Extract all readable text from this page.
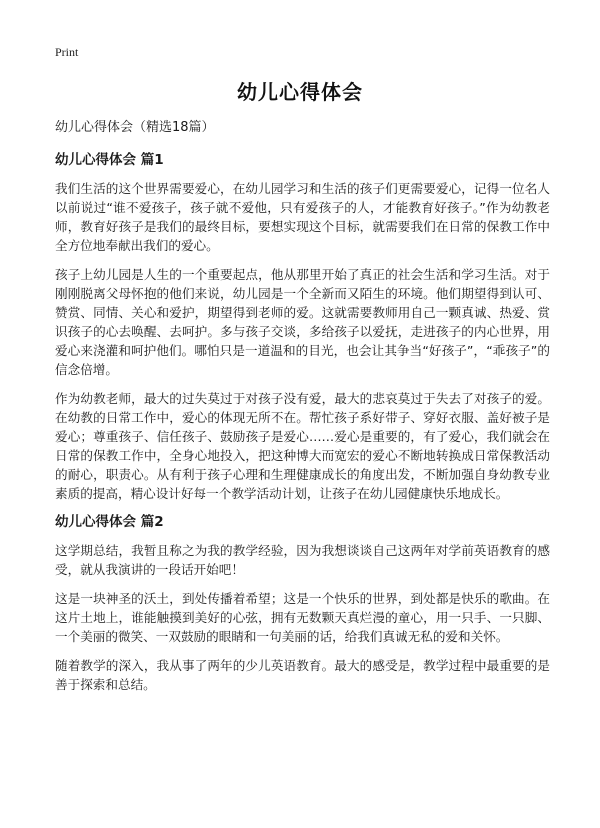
Print
幼儿心得体会

幼儿心得体会（精选18篇）

幼儿心得体会 篇1

我们生活的这个世界需要爱心，在幼儿园学习和生活的孩子们更需要爱心，记得一位名人以前说过“谁不爱孩子，孩子就不爱他，只有爱孩子的人，才能教育好孩子。”作为幼教老师，教育好孩子是我们的最终目标，要想实现这个目标，就需要我们在日常的保教工作中全方位地奉献出我们的爱心。

孩子上幼儿园是人生的一个重要起点，他从那里开始了真正的社会生活和学习生活。对于刚刚脱离父母怀抱的他们来说，幼儿园是一个全新而又陌生的环境。他们期望得到认可、赞赏、同情、关心和爱护，期望得到老师的爱。这就需要教师用自己一颗真诚、热爱、赏识孩子的心去唤醒、去呵护。多与孩子交谈，多给孩子以爱抚，走进孩子的内心世界，用爱心来浇灌和呵护他们。哪怕只是一道温和的目光，也会让其争当“好孩子”，“乖孩子”的信念倍增。

作为幼教老师，最大的过失莫过于对孩子没有爱，最大的悲哀莫过于失去了对孩子的爱。在幼教的日常工作中，爱心的体现无所不在。帮忙孩子系好带子、穿好衣服、盖好被子是爱心；尊重孩子、信任孩子、鼓励孩子是爱心……爱心是重要的，有了爱心，我们就会在日常的保教工作中，全身心地投入，把这种博大而宽宏的爱心不断地转换成日常保教活动的耐心，职责心。从有利于孩子心理和生理健康成长的角度出发，不断加强自身幼教专业素质的提高，精心设计好每一个教学活动计划，让孩子在幼儿园健康快乐地成长。

幼儿心得体会 篇2

这学期总结，我暂且称之为我的教学经验，因为我想谈谈自己这两年对学前英语教育的感受，就从我演讲的一段话开始吧！

这是一块神圣的沃土，到处传播着希望；这是一个快乐的世界，到处都是快乐的歌曲。在这片土地上，谁能触摸到美好的心弦，拥有无数颗天真烂漫的童心，用一只手、一只脚、一个美丽的微笑、一双鼓励的眼睛和一句美丽的话，给我们真诚无私的爱和关怀。

随着教学的深入，我从事了两年的少儿英语教育。最大的感受是，教学过程中最重要的是善于探索和总结。
